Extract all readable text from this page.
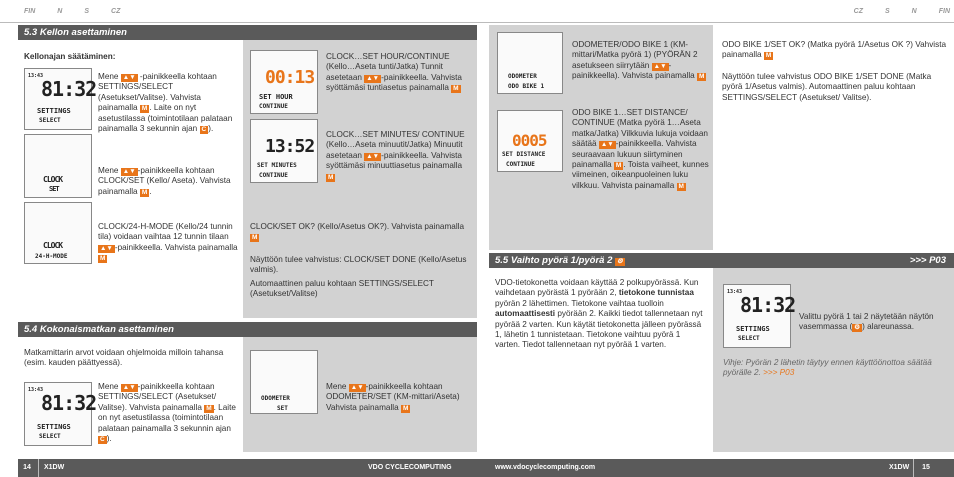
FIN	N	S	CZ
5.3 Kellon asettaminen
Kellonajan säätäminen:
13:43
81:32
SETTINGS
SELECT
Mene ▲▼ -painikkeella kohtaan SETTINGS/SELECT (Asetukset/Valitse). Vahvista painamalla M . Laite on nyt asetustilassa (toimintotilaan palataan painamalla 3 sekunnin ajan C ).
CLOCK
SET
Mene ▲▼ -painikkeella kohtaan CLOCK/SET (Kello/ Aseta). Vahvista painamalla M .
CLOCK
24-H-MODE
CLOCK/24-H-MODE (Kello/24 tunnin tila) voidaan vaihtaa 12 tunnin tilaan ▲▼ -painikkeella. Vahvista painamalla M
00:13
SET HOUR
CONTINUE
CLOCK…SET HOUR/CONTINUE (Kello…Aseta tunti/Jatka) Tunnit asetetaan ▲▼ -painikkeella. Vahvista syöttämäsi tuntiasetus painamalla M
13:52
SET MINUTES
CONTINUE
CLOCK…SET MINUTES/ CONTINUE (Kello…Aseta minuutit/Jatka) Minuutit asetetaan ▲▼ -painikkeella. Vahvista syöttämäsi minuuttiasetus painamalla M
CLOCK/SET OK? (Kello/Asetus OK?). Vahvista painamalla M
Näyttöön tulee vahvistus: CLOCK/SET DONE (Kello/Asetus valmis).
Automaattinen paluu kohtaan SETTINGS/SELECT (Asetukset/Valitse)
5.4 Kokonaismatkan asettaminen
Matkamittarin arvot voidaan ohjelmoida milloin tahansa (esim. kauden päättyessä).
13:43
81:32
SETTINGS
SELECT
Mene ▲▼ -painikkeella kohtaan SETTINGS/SELECT (Asetukset/ Valitse). Vahvista painamalla M . Laite on nyt asetustilassa (toimintotilaan palataan painamalla 3 sekunnin ajan C ).
ODOMETER
SET
Mene ▲▼ -painikkeella kohtaan ODOMETER/SET (KM-mittari/Aseta) Vahvista painamalla M
14	X1DW	VDO CYCLECOMPUTING
CZ	S	N	FIN
ODOMETER
ODO BIKE 1
ODOMETER/ODO BIKE 1 (KM-mittari/Matka pyörä 1) (PYÖRÄN 2 asetukseen siirrytään ▲▼ -painikkeella). Vahvista painamalla M
0005
SET DISTANCE
CONTINUE
ODO BIKE 1…SET DISTANCE/ CONTINUE (Matka pyörä 1…Aseta matka/Jatka) Vilkkuvia lukuja voidaan säätää ▲▼ -painikkeella. Vahvista seuraavaan lukuun siirtyminen painamalla M . Toista vaiheet, kunnes viimeinen, oikeanpuoleinen luku vilkkuu. Vahvista painamalla M
ODO BIKE 1/SET OK? (Matka pyörä 1/Asetus OK ?) Vahvista painamalla M
Näyttöön tulee vahvistus ODO BIKE 1/SET DONE (Matka pyörä 1/Asetus valmis). Automaattinen paluu kohtaan SETTINGS/SELECT (Asetukset/ Valitse).
5.5 Vaihto pyörä 1/pyörä 2 ⚙	>>> P03
VDO-tietokonetta voidaan käyttää 2 polkupyörässä. Kun vaihdetaan pyörästä 1 pyörään 2, tietokone tunnistaa pyörän 2 lähettimen. Tietokone vaihtaa tuolloin automaattisesti pyörään 2. Kaikki tiedot tallennetaan nyt pyörää 2 varten. Kun käytät tietokonetta jälleen pyörässä 1, lähetin 1 tunnistetaan. Tietokone vaihtuu pyörä 1 varten. Tiedot tallennetaan nyt pyörää 1 varten.
13:43
81:32
SETTINGS
SELECT
Valittu pyörä 1 tai 2 näytetään näytön vasemmassa ( ⚙ ) alareunassa.
Vihje: Pyörän 2 lähetin täytyy ennen käyttöönottoa säätää pyörälle 2. >>> P03
www.vdocyclecomputing.com	X1DW	15
